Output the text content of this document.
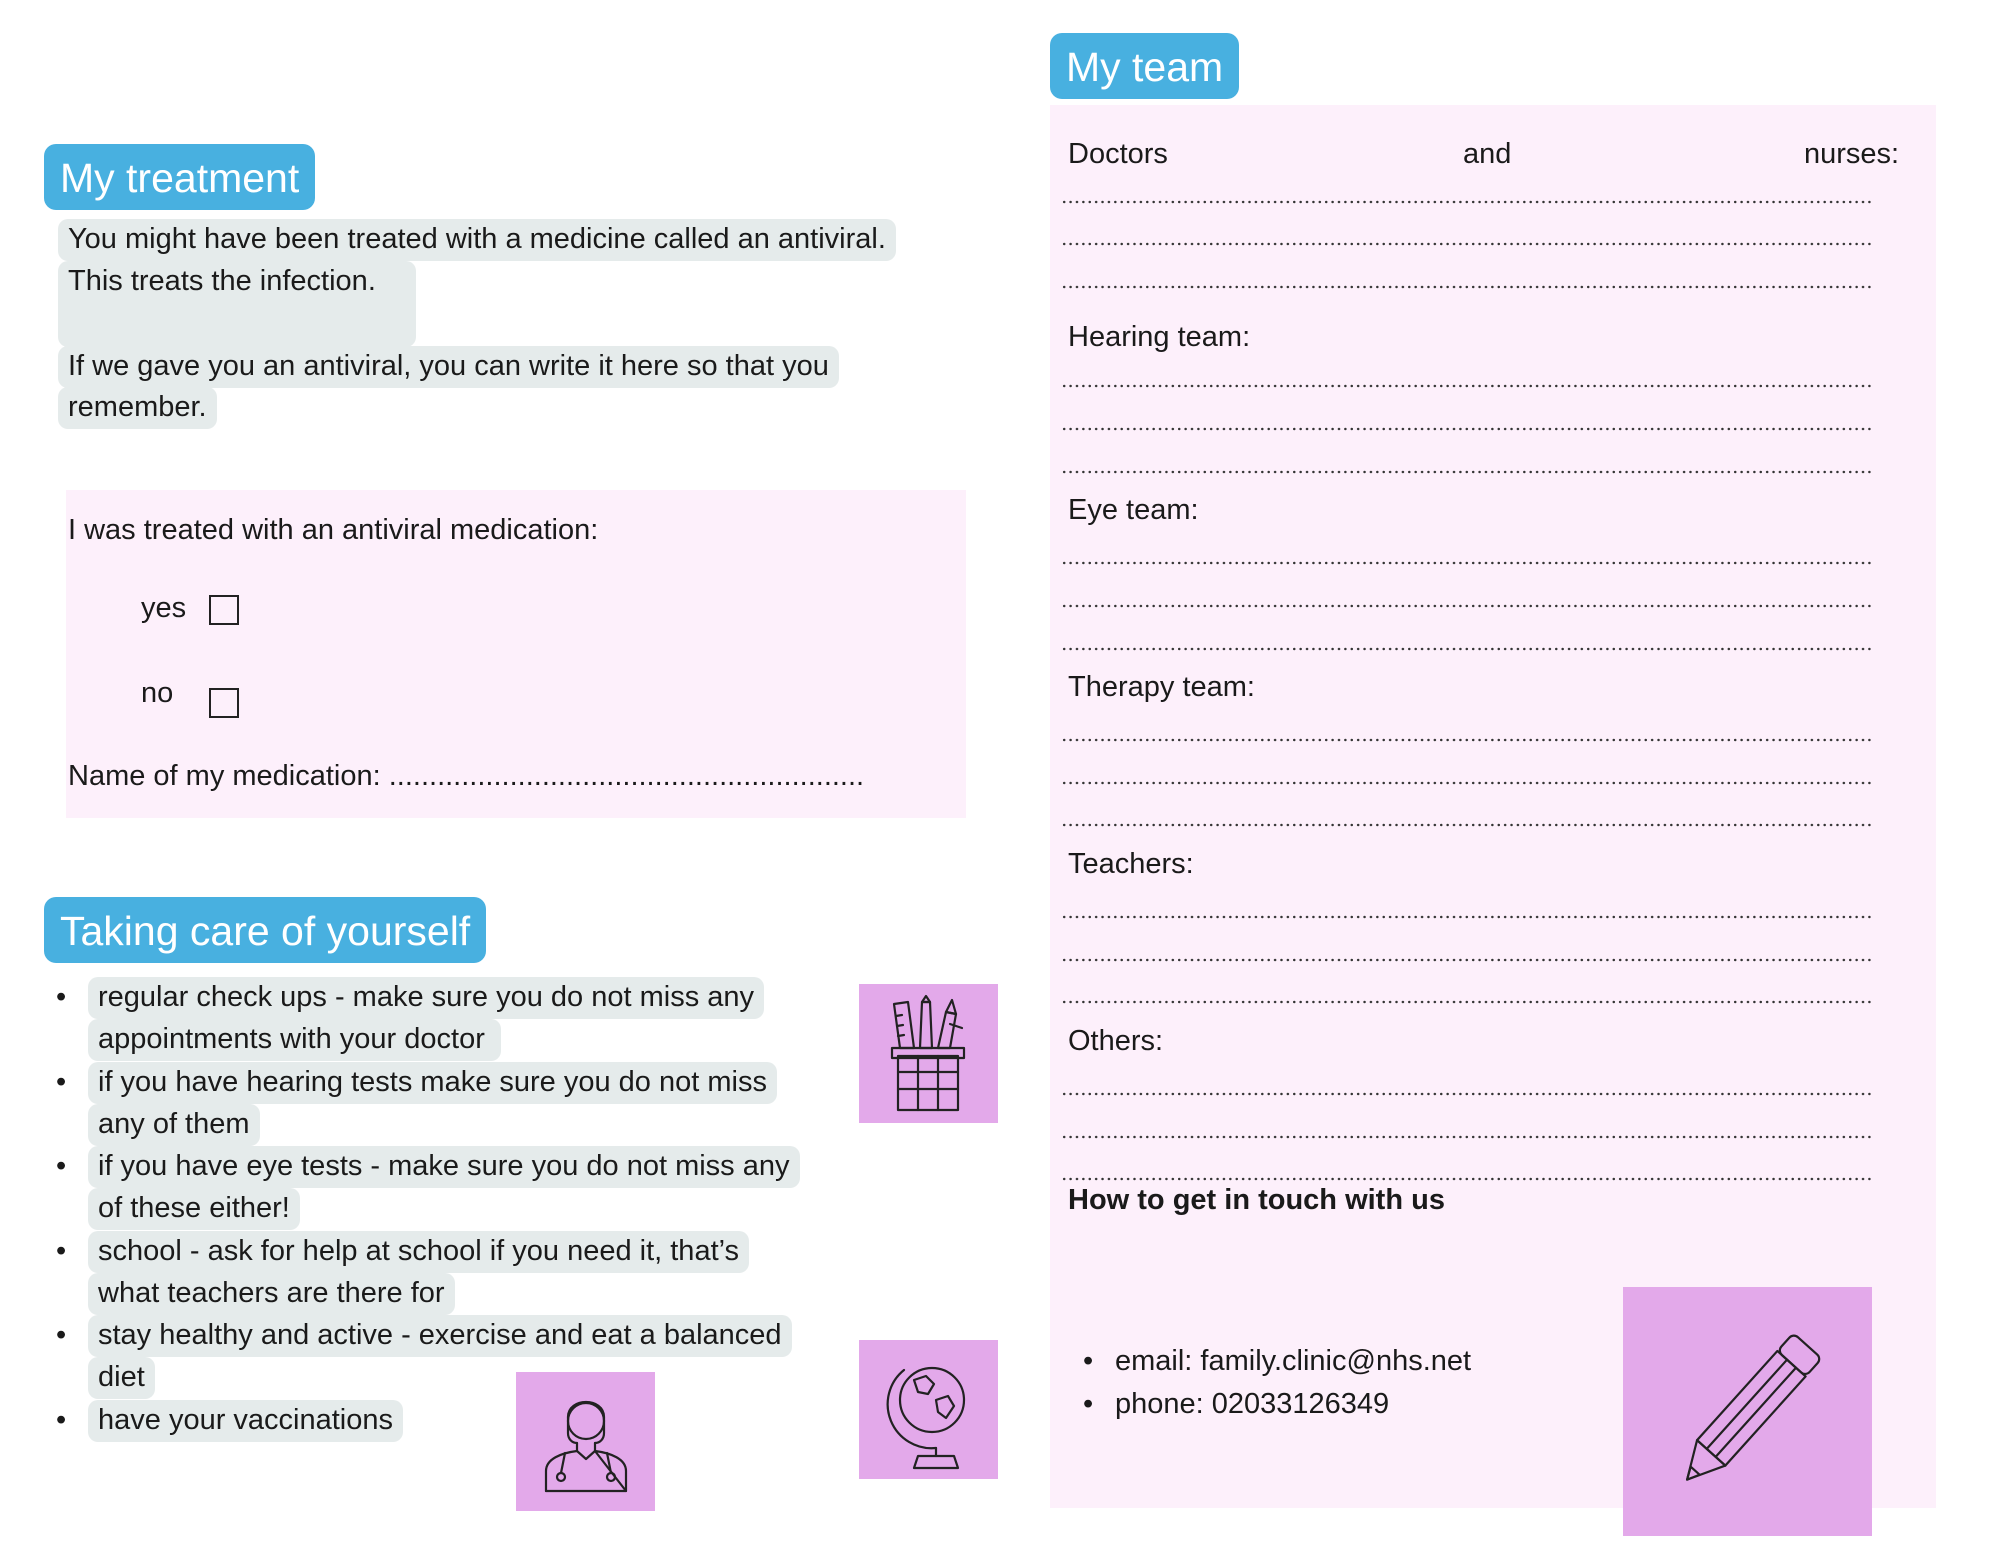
My treatment
You might have been treated with a medicine called an antiviral.
This treats the infection.
If we gave you an antiviral, you can write it here so that you
remember.
I was treated with an antiviral medication:
yes
no
Name of my medication: ...........................................................
Taking care of yourself
• regular check ups - make sure you do not miss any
appointments with your doctor
• if you have hearing tests make sure you do not miss
any of them
• if you have eye tests - make sure you do not miss any
of these either!
• school - ask for help at school if you need it, that’s
what teachers are there for
• stay healthy and active - exercise and eat a balanced
diet
• have your vaccinations
My team
Doctors	and	nurses:
Hearing team:
Eye team:
Therapy team:
Teachers:
Others:
How to get in touch with us
• email: family.clinic@nhs.net
• phone: 02033126349
